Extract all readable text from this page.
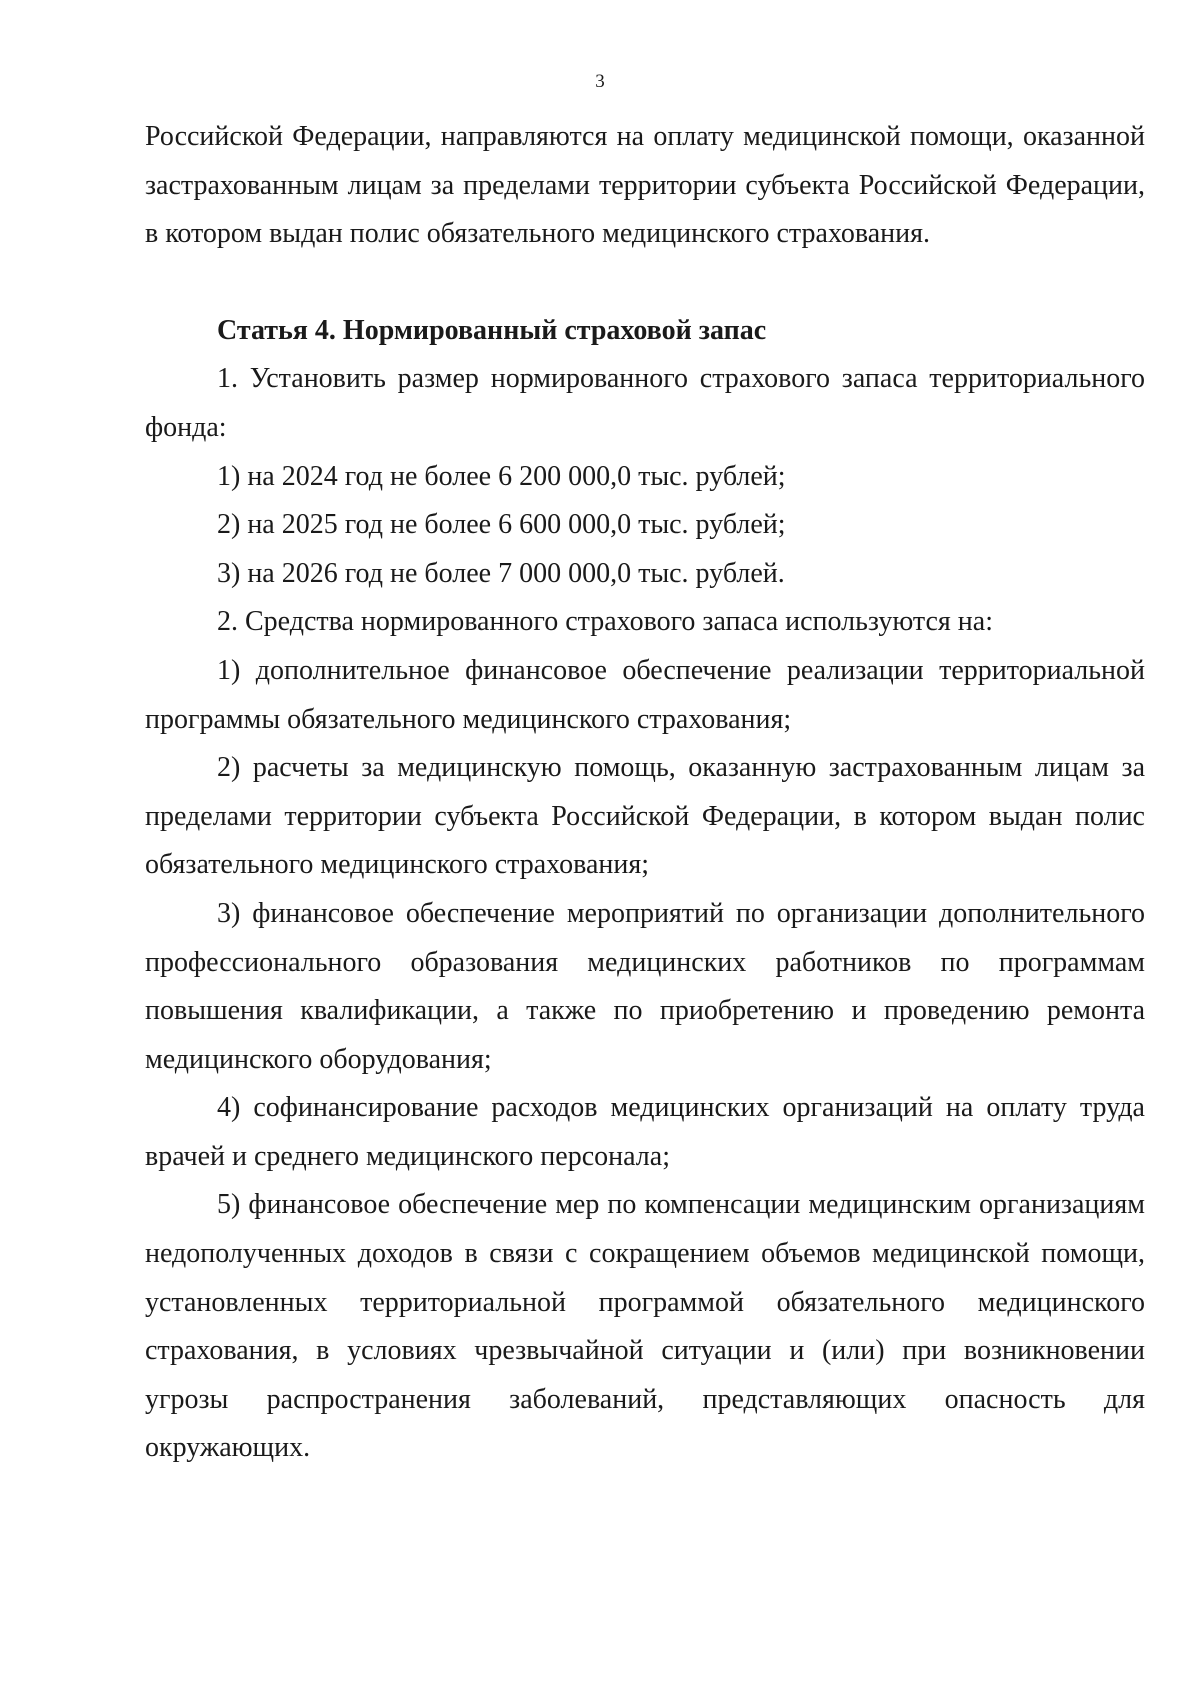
3

Российской Федерации, направляются на оплату медицинской помощи, оказанной застрахованным лицам за пределами территории субъекта Российской Федерации, в котором выдан полис обязательного медицинского страхования.

Статья 4. Нормированный страховой запас

1. Установить размер нормированного страхового запаса территориального фонда:

1) на 2024 год не более 6 200 000,0 тыс. рублей;

2) на 2025 год не более 6 600 000,0 тыс. рублей;

3) на 2026 год не более 7 000 000,0 тыс. рублей.

2. Средства нормированного страхового запаса используются на:

1) дополнительное финансовое обеспечение реализации территориальной программы обязательного медицинского страхования;

2) расчеты за медицинскую помощь, оказанную застрахованным лицам за пределами территории субъекта Российской Федерации, в котором выдан полис обязательного медицинского страхования;

3) финансовое обеспечение мероприятий по организации дополнительного профессионального образования медицинских работников по программам повышения квалификации, а также по приобретению и проведению ремонта медицинского оборудования;

4) софинансирование расходов медицинских организаций на оплату труда врачей и среднего медицинского персонала;

5) финансовое обеспечение мер по компенсации медицинским организациям недополученных доходов в связи с сокращением объемов медицинской помощи, установленных территориальной программой обязательного медицинского страхования, в условиях чрезвычайной ситуации и (или) при возникновении угрозы распространения заболеваний, представляющих опасность для окружающих.
